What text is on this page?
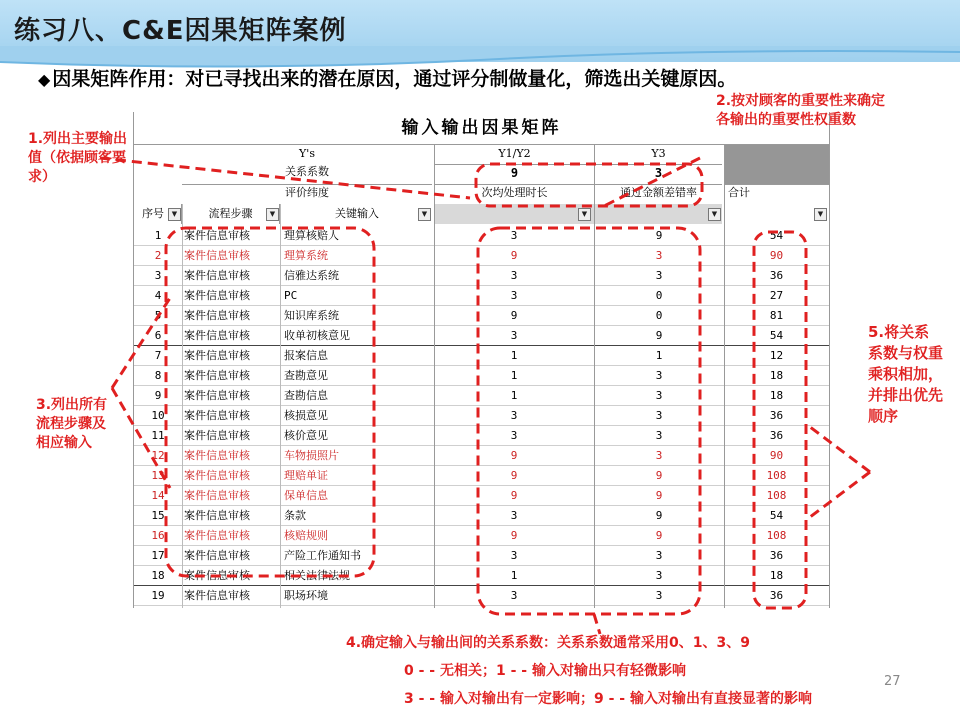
练习八、C&E因果矩阵案例
◆ 因果矩阵作用：对已寻找出来的潜在原因，通过评分制做量化，筛选出关键原因。
输入输出因果矩阵
Y's	Y1/Y2	Y3
关系系数	9	3
评价纬度	次均处理时长	通过金额差错率	合计
序号	▼	流程步骤	▼	关键输入	▼	▼	▼	▼
1	案件信息审核	理算核赔人	3	9	54
2	案件信息审核	理算系统	9	3	90
3	案件信息审核	信雅达系统	3	3	36
4	案件信息审核	PC	3	0	27
5	案件信息审核	知识库系统	9	0	81
6	案件信息审核	收单初核意见	3	9	54
7	案件信息审核	报案信息	1	1	12
8	案件信息审核	查勘意见	1	3	18
9	案件信息审核	查勘信息	1	3	18
10	案件信息审核	核损意见	3	3	36
11	案件信息审核	核价意见	3	3	36
12	案件信息审核	车物损照片	9	3	90
13	案件信息审核	理赔单证	9	9	108
14	案件信息审核	保单信息	9	9	108
15	案件信息审核	条款	3	9	54
16	案件信息审核	核赔规则	9	9	108
17	案件信息审核	产险工作通知书	3	3	36
18	案件信息审核	相关法律法规	1	3	18
19	案件信息审核	职场环境	3	3	36
1.列出主要输出值（依据顾客要求）
2.按对顾客的重要性来确定各输出的重要性权重数
3.列出所有流程步骤及相应输入
5.将关系系数与权重乘积相加，并排出优先顺序
4.确定输入与输出间的关系系数：关系系数通常采用0、1、3、9
0 - - 无相关；1 - - 输入对输出只有轻微影响
3 - - 输入对输出有一定影响；9 - - 输入对输出有直接显著的影响
27
